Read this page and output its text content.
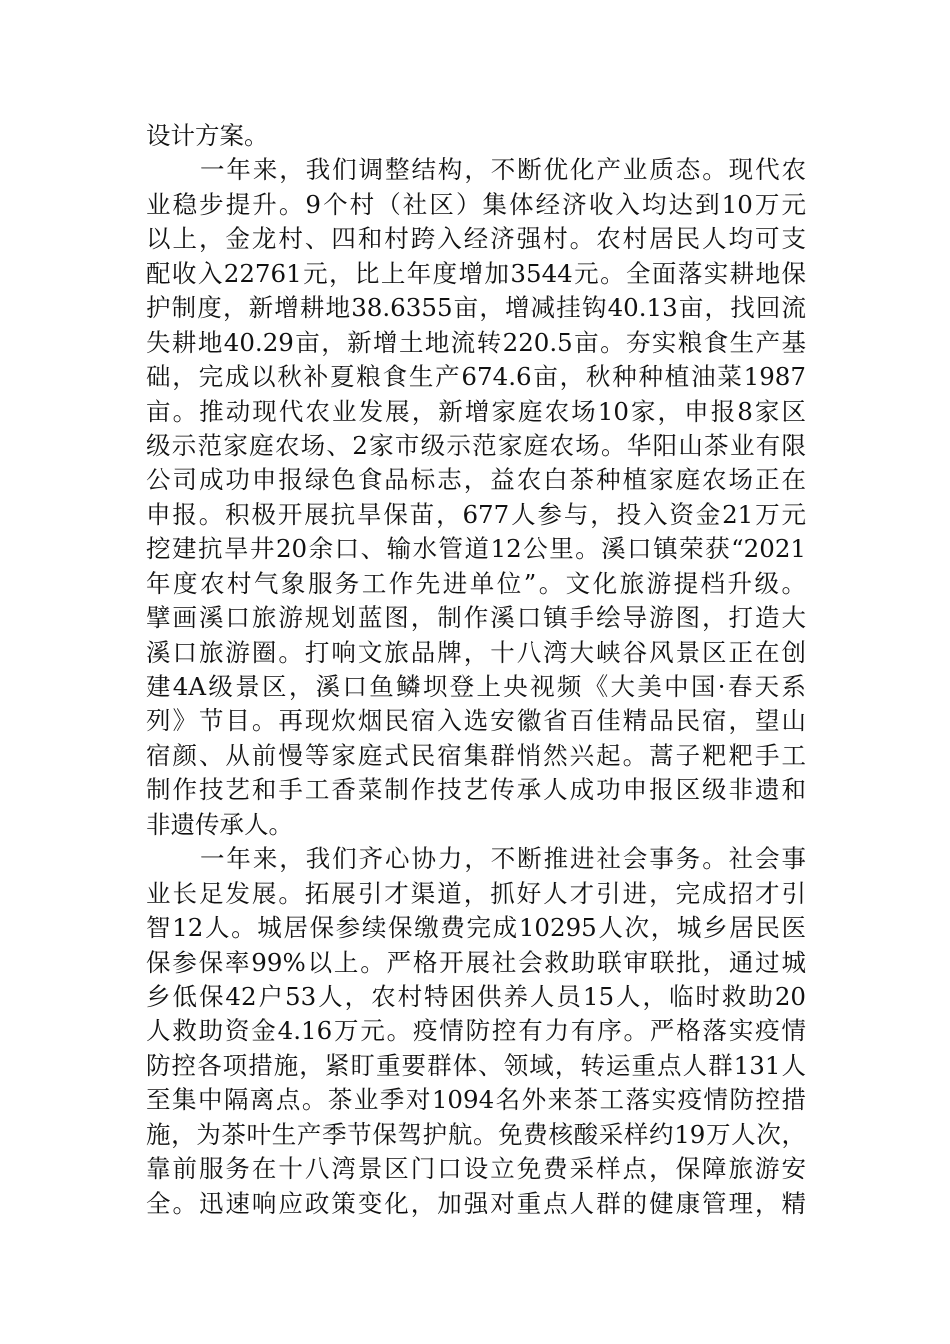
设计方案。
一年来，我们调整结构，不断优化产业质态。现代农
业稳步提升。9个村（社区）集体经济收入均达到10万元
以上，金龙村、四和村跨入经济强村。农村居民人均可支
配收入22761元，比上年度增加3544元。全面落实耕地保
护制度，新增耕地38.6355亩，增减挂钩40.13亩，找回流
失耕地40.29亩，新增土地流转220.5亩。夯实粮食生产基
础，完成以秋补夏粮食生产674.6亩，秋种种植油菜1987
亩。推动现代农业发展，新增家庭农场10家，申报8家区
级示范家庭农场、2家市级示范家庭农场。华阳山茶业有限
公司成功申报绿色食品标志，益农白茶种植家庭农场正在
申报。积极开展抗旱保苗，677人参与，投入资金21万元
挖建抗旱井20余口、输水管道12公里。溪口镇荣获“2021
年度农村气象服务工作先进单位”。文化旅游提档升级。
擘画溪口旅游规划蓝图，制作溪口镇手绘导游图，打造大
溪口旅游圈。打响文旅品牌，十八湾大峡谷风景区正在创
建4A级景区，溪口鱼鳞坝登上央视频《大美中国·春天系
列》节目。再现炊烟民宿入选安徽省百佳精品民宿，望山
宿颜、从前慢等家庭式民宿集群悄然兴起。蒿子粑粑手工
制作技艺和手工香菜制作技艺传承人成功申报区级非遗和
非遗传承人。
一年来，我们齐心协力，不断推进社会事务。社会事
业长足发展。拓展引才渠道，抓好人才引进，完成招才引
智12人。城居保参续保缴费完成10295人次，城乡居民医
保参保率99%以上。严格开展社会救助联审联批，通过城
乡低保42户53人，农村特困供养人员15人，临时救助20
人救助资金4.16万元。疫情防控有力有序。严格落实疫情
防控各项措施，紧盯重要群体、领域，转运重点人群131人
至集中隔离点。茶业季对1094名外来茶工落实疫情防控措
施，为茶叶生产季节保驾护航。免费核酸采样约19万人次，
靠前服务在十八湾景区门口设立免费采样点，保障旅游安
全。迅速响应政策变化，加强对重点人群的健康管理，精
